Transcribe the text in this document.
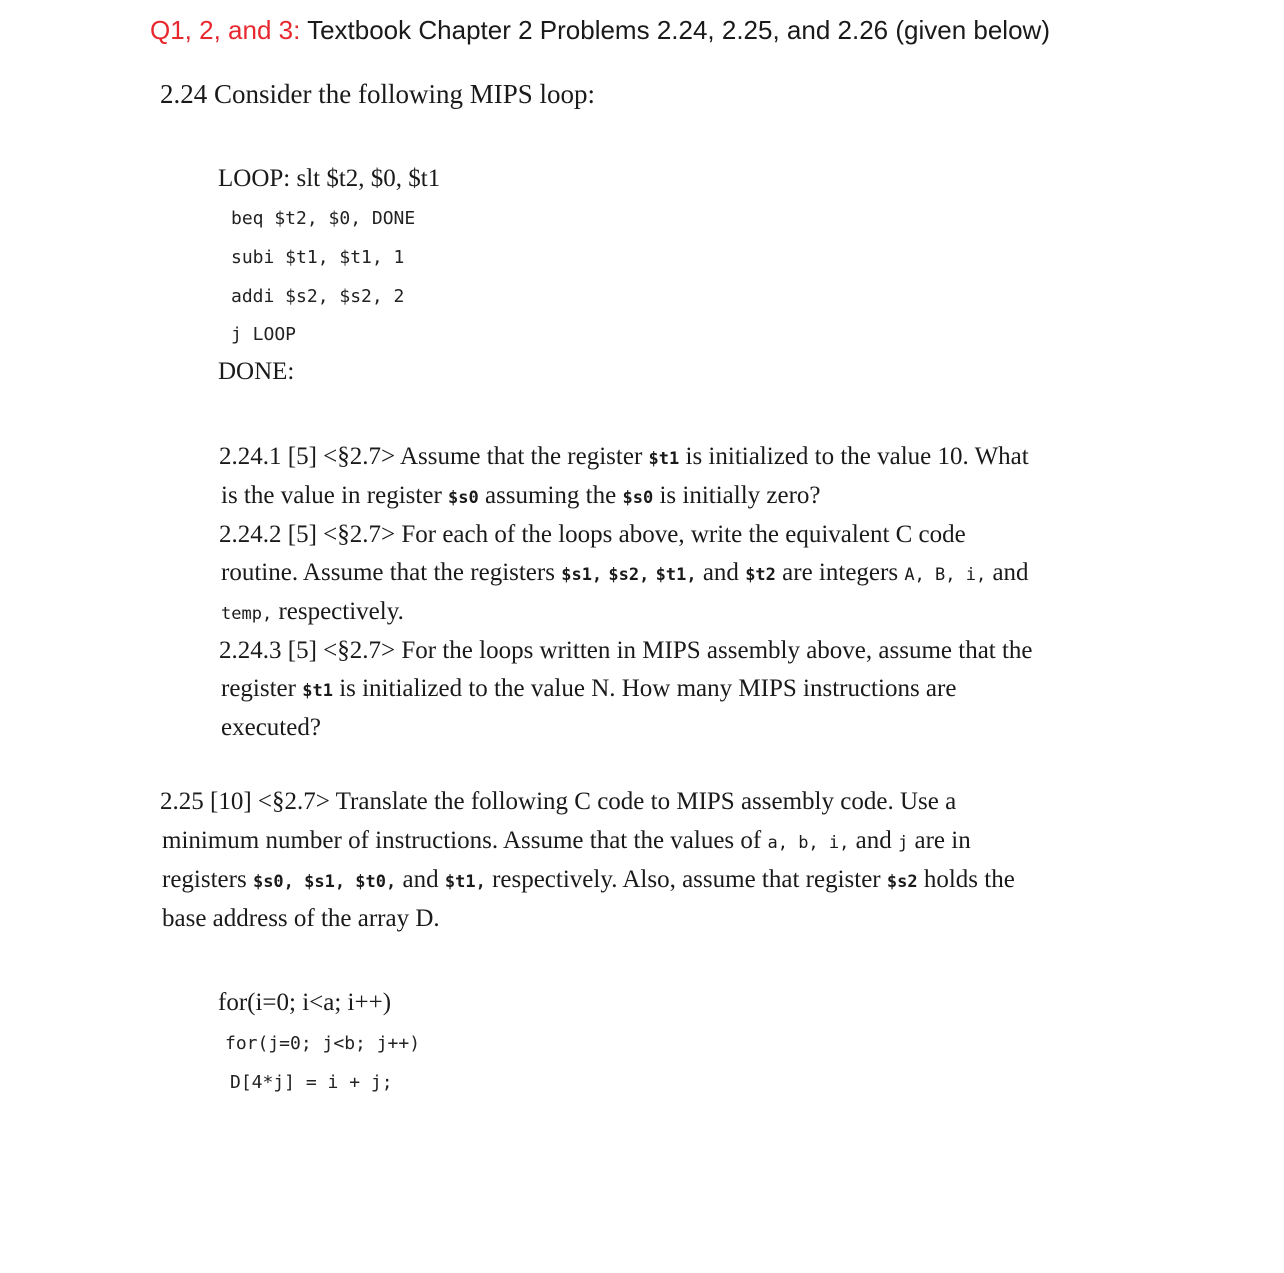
Q1, 2, and 3: Textbook Chapter 2 Problems 2.24, 2.25, and 2.26 (given below)
2.24 Consider the following MIPS loop:
LOOP: slt $t2, $0, $t1
beq $t2, $0, DONE
subi $t1, $t1, 1
addi $s2, $s2, 2
j LOOP
DONE:
2.24.1 [5] <§2.7> Assume that the register $t1 is initialized to the value 10. What
is the value in register $s0 assuming the $s0 is initially zero?
2.24.2 [5] <§2.7> For each of the loops above, write the equivalent C code
routine. Assume that the registers $s1, $s2, $t1, and $t2 are integers A, B, i, and
temp, respectively.
2.24.3 [5] <§2.7> For the loops written in MIPS assembly above, assume that the
register $t1 is initialized to the value N. How many MIPS instructions are
executed?
2.25 [10] <§2.7> Translate the following C code to MIPS assembly code. Use a
minimum number of instructions. Assume that the values of a, b, i, and j are in
registers $s0, $s1, $t0, and $t1, respectively. Also, assume that register $s2 holds the
base address of the array D.
for(i=0; i<a; i++)
for(j=0; j<b; j++)
D[4*j] = i + j;
